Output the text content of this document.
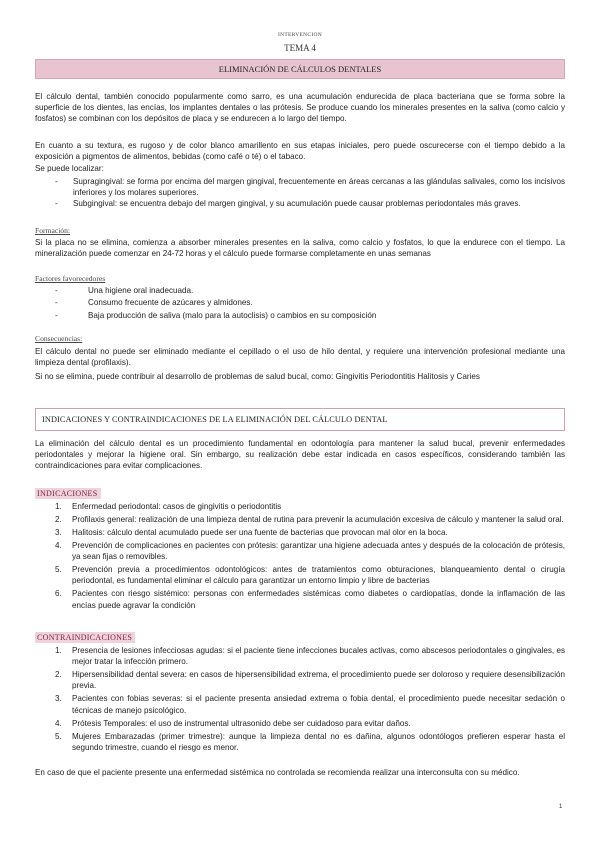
INTERVENCION
TEMA 4
ELIMINACIÓN DE CÁLCULOS DENTALES

El cálculo dental, también conocido popularmente como sarro, es una acumulación endurecida de placa bacteriana que se forma sobre la superficie de los dientes, las encías, los implantes dentales o las prótesis. Se produce cuando los minerales presentes en la saliva (como calcio y fosfatos) se combinan con los depósitos de placa y se endurecen a lo largo del tiempo.

En cuanto a su textura, es rugoso y de color blanco amarillento en sus etapas iniciales, pero puede oscurecerse con el tiempo debido a la exposición a pigmentos de alimentos, bebidas (como café o té) o el tabaco.

Se puede localizar:

- Supragingival: se forma por encima del margen gingival, frecuentemente en áreas cercanas a las glándulas salivales, como los incisivos inferiores y los molares superiores.
- Subgingival: se encuentra debajo del margen gingival, y su acumulación puede causar problemas periodontales más graves.
Formación:

Si la placa no se elimina, comienza a absorber minerales presentes en la saliva, como calcio y fosfatos, lo que la endurece con el tiempo. La mineralización puede comenzar en 24-72 horas y el cálculo puede formarse completamente en unas semanas

Factores favorecedores
-	Una higiene oral inadecuada.
-	Consumo frecuente de azúcares y almidones.
-	Baja producción de saliva (malo para la autoclisis) o cambios en su composición
Consecuencias:

El cálculo dental no puede ser eliminado mediante el cepillado o el uso de hilo dental, y requiere una intervención profesional mediante una limpieza dental (profilaxis).

Si no se elimina, puede contribuir al desarrollo de problemas de salud bucal, como: Gingivitis Periodontitis Halitosis y Caries

INDICACIONES Y CONTRAINDICACIONES DE LA ELIMINACIÓN DEL CÁLCULO DENTAL

La eliminación del cálculo dental es un procedimiento fundamental en odontología para mantener la salud bucal, prevenir enfermedades periodontales y mejorar la higiene oral. Sin embargo, su realización debe estar indicada en casos específicos, considerando también las contraindicaciones para evitar complicaciones.

INDICACIONES
1. Enfermedad periodontal: casos de gingivitis o periodontitis
2. Profilaxis general: realización de una limpieza dental de rutina para prevenir la acumulación excesiva de cálculo y mantener la salud oral.
3. Halitosis: cálculo dental acumulado puede ser una fuente de bacterias que provocan mal olor en la boca.
4. Prevención de complicaciones en pacientes con prótesis: garantizar una higiene adecuada antes y después de la colocación de prótesis, ya sean fijas o removibles.
5. Prevención previa a procedimientos odontológicos: antes de tratamientos como obturaciones, blanqueamiento dental o cirugía periodontal, es fundamental eliminar el cálculo para garantizar un entorno limpio y libre de bacterias
6. Pacientes con riesgo sistémico: personas con enfermedades sistémicas como diabetes o cardiopatías, donde la inflamación de las encías puede agravar la condición
CONTRAINDICACIONES
1. Presencia de lesiones infecciosas agudas: si el paciente tiene infecciones bucales activas, como abscesos periodontales o gingivales, es mejor tratar la infección primero.
2. Hipersensibilidad dental severa: en casos de hipersensibilidad extrema, el procedimiento puede ser doloroso y requiere desensibilización previa.
3. Pacientes con fobias severas: si el paciente presenta ansiedad extrema o fobia dental, el procedimiento puede necesitar sedación o técnicas de manejo psicológico.
4. Prótesis Temporales: el uso de instrumental ultrasonido debe ser cuidadoso para evitar daños.
5. Mujeres Embarazadas (primer trimestre): aunque la limpieza dental no es dañina, algunos odontólogos prefieren esperar hasta el segundo trimestre, cuando el riesgo es menor.

En caso de que el paciente presente una enfermedad sistémica no controlada se recomienda realizar una interconsulta con su médico.

1
